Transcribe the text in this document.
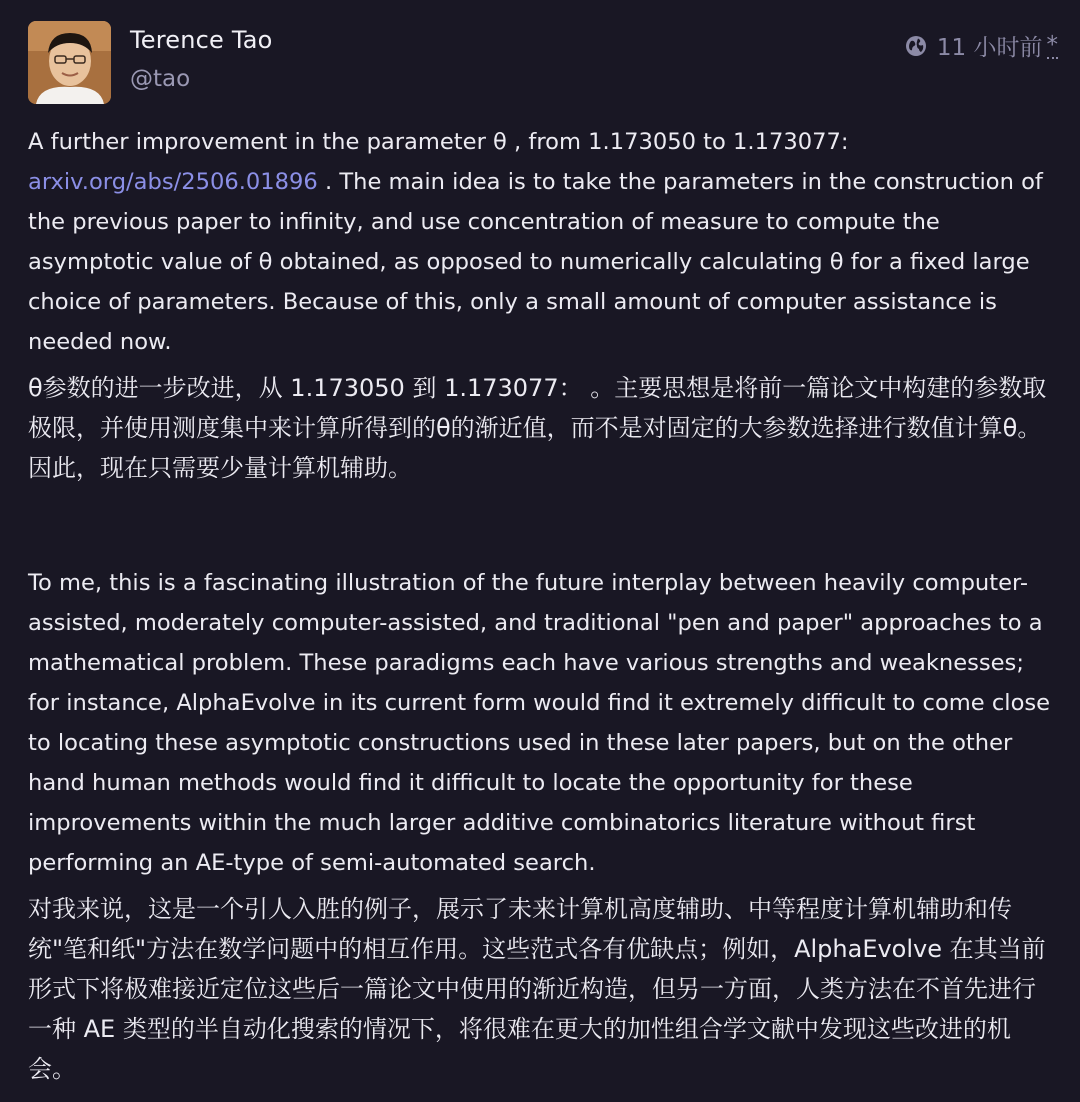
Terence Tao
@tao
11 小时前 *

A further improvement in the parameter θ , from 1.173050 to 1.173077: arxiv.org/abs/2506.01896 . The main idea is to take the parameters in the construction of the previous paper to infinity, and use concentration of measure to compute the asymptotic value of θ obtained, as opposed to numerically calculating θ for a fixed large choice of parameters. Because of this, only a small amount of computer assistance is needed now.

θ参数的进一步改进，从 1.173050 到 1.173077： 。主要思想是将前一篇论文中构建的参数取极限，并使用测度集中来计算所得到的θ的渐近值，而不是对固定的大参数选择进行数值计算θ。因此，现在只需要少量计算机辅助。

To me, this is a fascinating illustration of the future interplay between heavily computer-assisted, moderately computer-assisted, and traditional "pen and paper" approaches to a mathematical problem. These paradigms each have various strengths and weaknesses; for instance, AlphaEvolve in its current form would find it extremely difficult to come close to locating these asymptotic constructions used in these later papers, but on the other hand human methods would find it difficult to locate the opportunity for these improvements within the much larger additive combinatorics literature without first performing an AE-type of semi-automated search.

对我来说，这是一个引人入胜的例子，展示了未来计算机高度辅助、中等程度计算机辅助和传统"笔和纸"方法在数学问题中的相互作用。这些范式各有优缺点；例如，AlphaEvolve 在其当前形式下将极难接近定位这些后一篇论文中使用的渐近构造，但另一方面，人类方法在不首先进行一种 AE 类型的半自动化搜索的情况下，将很难在更大的加性组合学文献中发现这些改进的机会。
